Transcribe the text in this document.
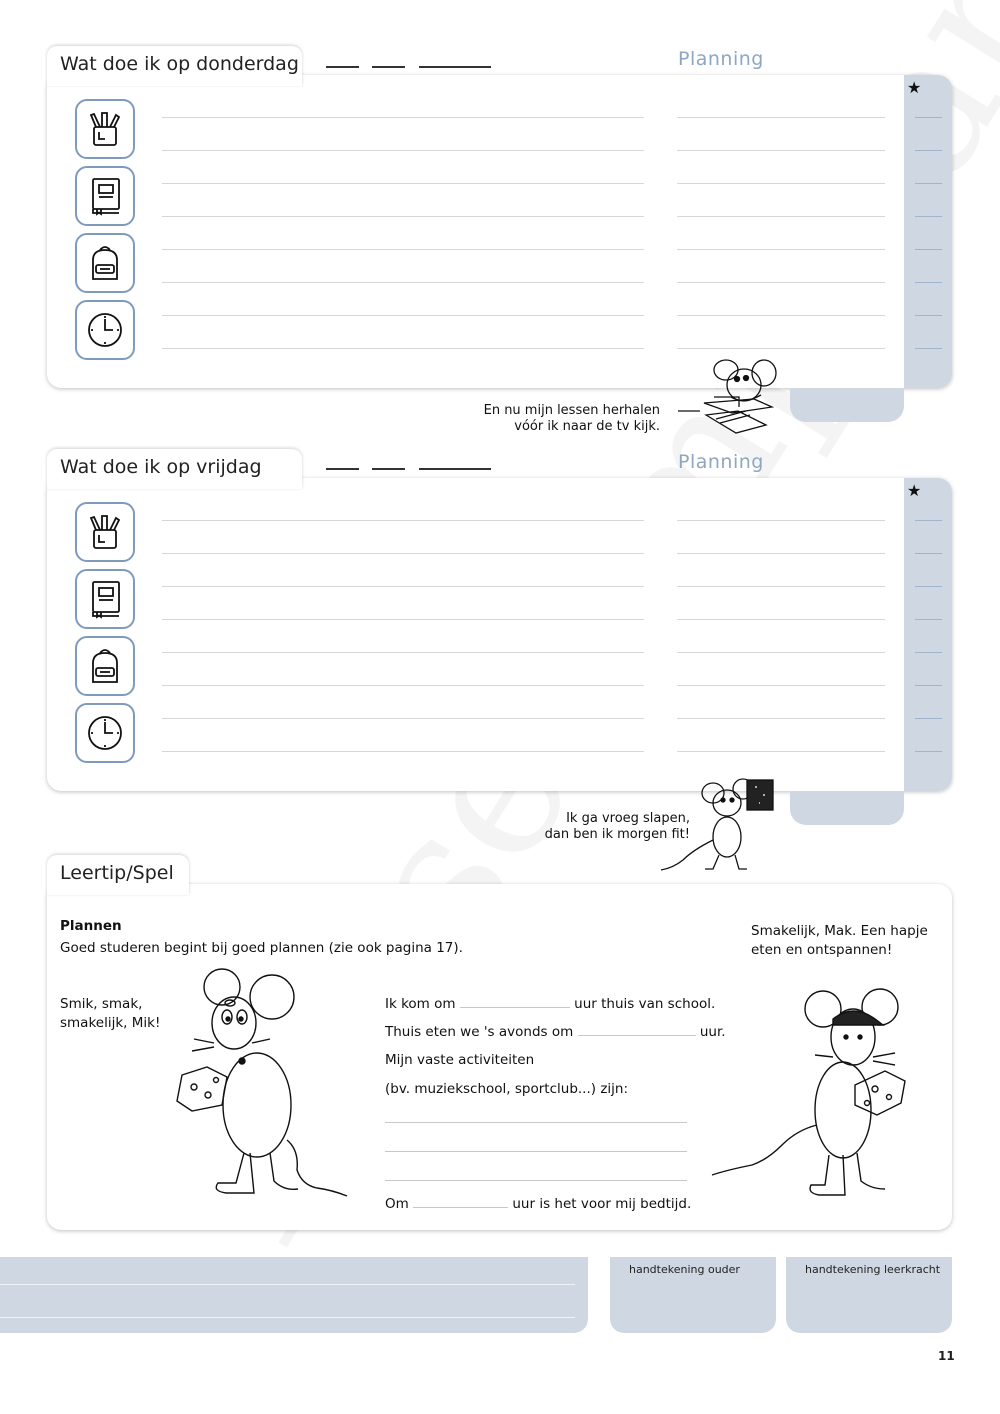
Wat doe ik op donderdag	Planning
★
En nu mijn lessen herhalen
vóór ik naar de tv kijk.
Wat doe ik op vrijdag	Planning
★
Ik ga vroeg slapen,
dan ben ik morgen fit!
Leertip/Spel
Plannen
Goed studeren begint bij goed plannen (zie ook pagina 17).
Smik, smak,
smakelijk, Mik!
Smakelijk, Mak. Een hapje
eten en ontspannen!
Ik kom om	uur thuis van school.
Thuis eten we 's avonds om	uur.
Mijn vaste activiteiten
(bv. muziekschool, sportclub...) zijn:
Om	uur is het voor mij bedtijd.
handtekening ouder	handtekening leerkracht
11
